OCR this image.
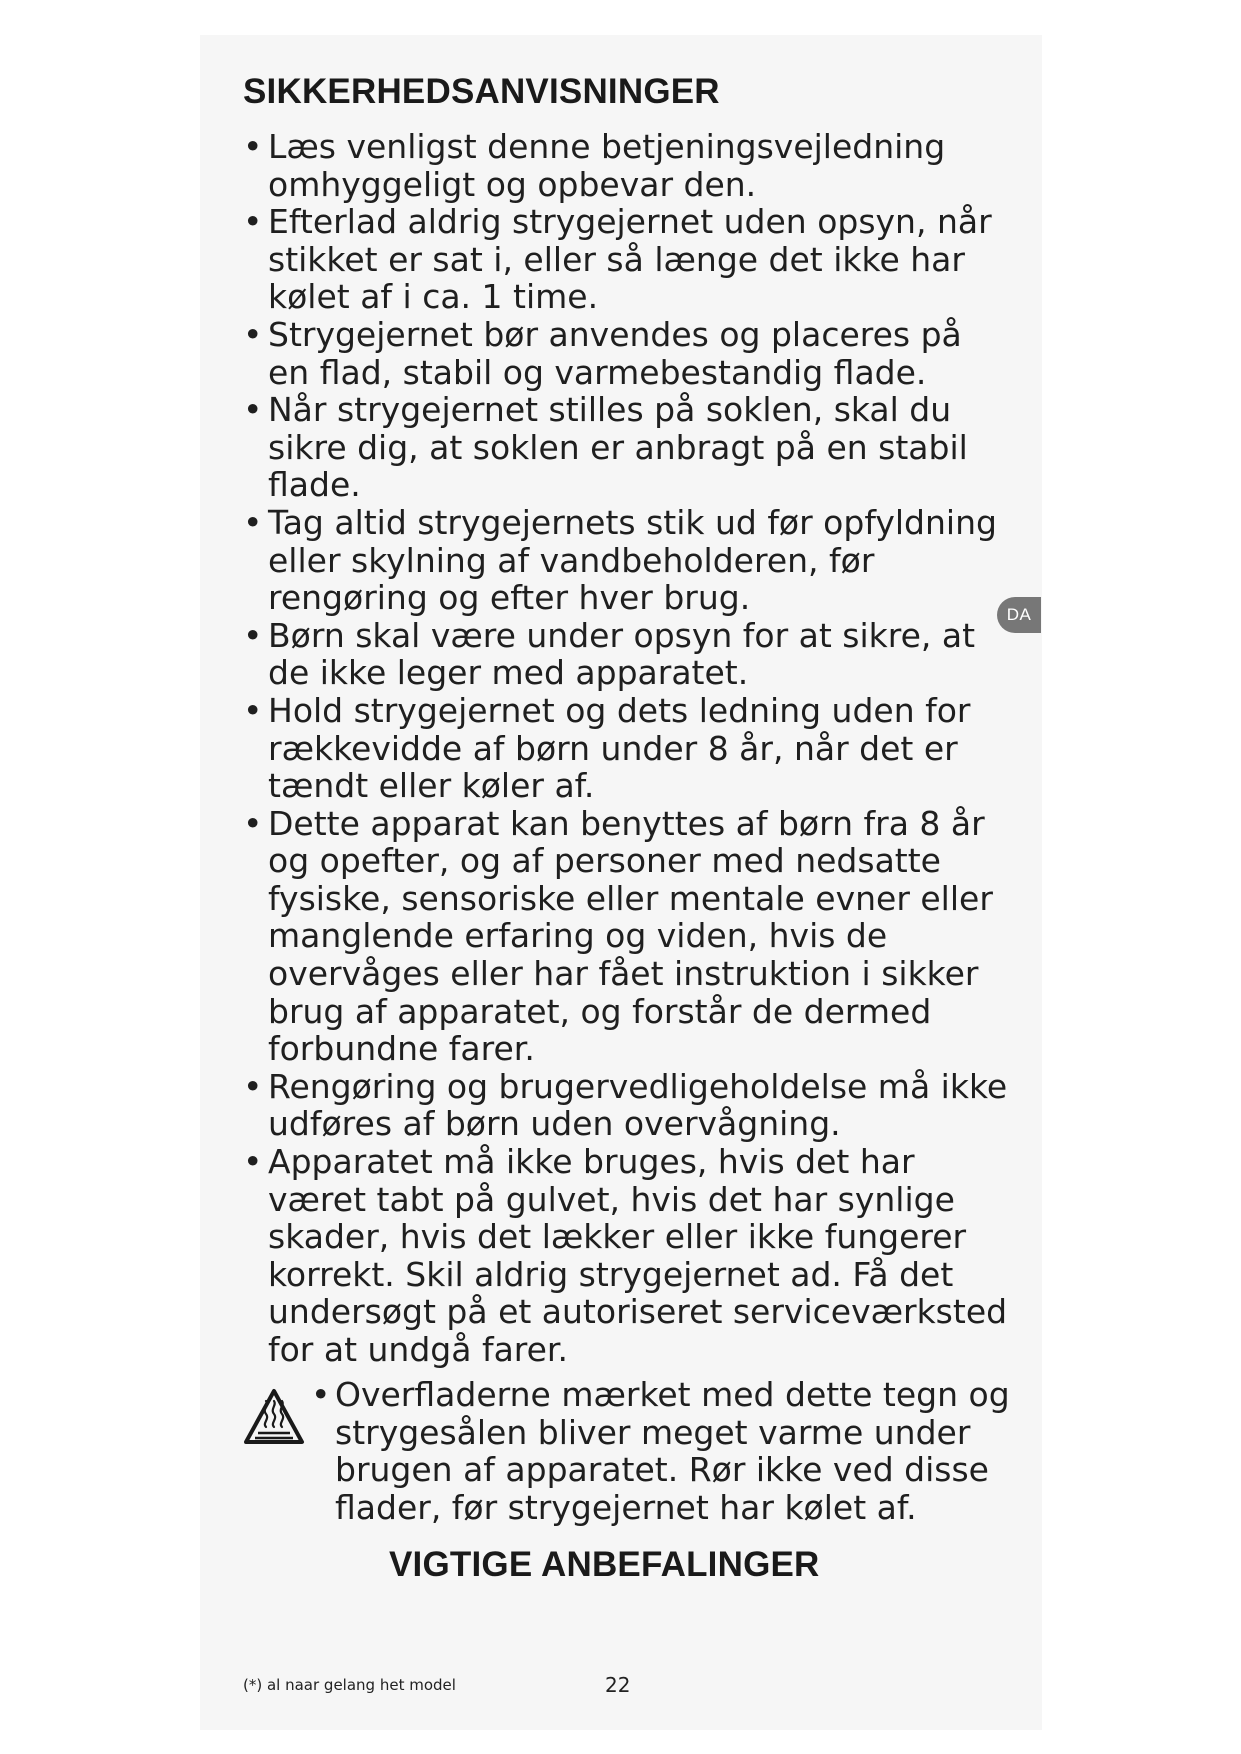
SIKKERHEDSANVISNINGER
• Læs venligst denne betjeningsvejledning omhyggeligt og opbevar den.
• Efterlad aldrig strygejernet uden opsyn, når stikket er sat i, eller så længe det ikke har kølet af i ca. 1 time.
• Strygejernet bør anvendes og placeres på en flad, stabil og varmebestandig flade.
• Når strygejernet stilles på soklen, skal du sikre dig, at soklen er anbragt på en stabil flade.
• Tag altid strygejernets stik ud før opfyldning eller skylning af vandbeholderen, før rengøring og efter hver brug.
• Børn skal være under opsyn for at sikre, at de ikke leger med apparatet.
• Hold strygejernet og dets ledning uden for rækkevidde af børn under 8 år, når det er tændt eller køler af.
• Dette apparat kan benyttes af børn fra 8 år og opefter, og af personer med nedsatte fysiske, sensoriske eller mentale evner eller manglende erfaring og viden, hvis de overvåges eller har fået instruktion i sikker brug af apparatet, og forstår de dermed forbundne farer.
• Rengøring og brugervedligeholdelse må ikke udføres af børn uden overvågning.
• Apparatet må ikke bruges, hvis det har været tabt på gulvet, hvis det har synlige skader, hvis det lækker eller ikke fungerer korrekt. Skil aldrig strygejernet ad. Få det undersøgt på et autoriseret serviceværksted for at undgå farer.
• Overfladerne mærket med dette tegn og strygesålen bliver meget varme under brugen af apparatet. Rør ikke ved disse flader, før strygejernet har kølet af.
VIGTIGE ANBEFALINGER
DA
(*) al naar gelang het model	22
